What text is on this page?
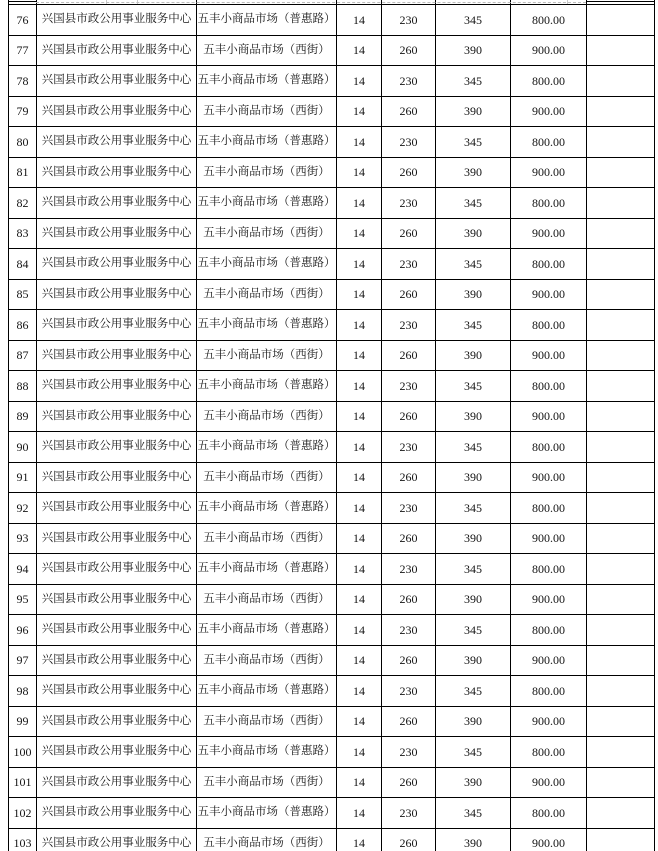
76	兴国县市政公用事业服务中心	五丰小商品市场（普惠路）	14	230	345	800.00	
77	兴国县市政公用事业服务中心	五丰小商品市场（西街）	14	260	390	900.00	
78	兴国县市政公用事业服务中心	五丰小商品市场（普惠路）	14	230	345	800.00	
79	兴国县市政公用事业服务中心	五丰小商品市场（西街）	14	260	390	900.00	
80	兴国县市政公用事业服务中心	五丰小商品市场（普惠路）	14	230	345	800.00	
81	兴国县市政公用事业服务中心	五丰小商品市场（西街）	14	260	390	900.00	
82	兴国县市政公用事业服务中心	五丰小商品市场（普惠路）	14	230	345	800.00	
83	兴国县市政公用事业服务中心	五丰小商品市场（西街）	14	260	390	900.00	
84	兴国县市政公用事业服务中心	五丰小商品市场（普惠路）	14	230	345	800.00	
85	兴国县市政公用事业服务中心	五丰小商品市场（西街）	14	260	390	900.00	
86	兴国县市政公用事业服务中心	五丰小商品市场（普惠路）	14	230	345	800.00	
87	兴国县市政公用事业服务中心	五丰小商品市场（西街）	14	260	390	900.00	
88	兴国县市政公用事业服务中心	五丰小商品市场（普惠路）	14	230	345	800.00	
89	兴国县市政公用事业服务中心	五丰小商品市场（西街）	14	260	390	900.00	
90	兴国县市政公用事业服务中心	五丰小商品市场（普惠路）	14	230	345	800.00	
91	兴国县市政公用事业服务中心	五丰小商品市场（西街）	14	260	390	900.00	
92	兴国县市政公用事业服务中心	五丰小商品市场（普惠路）	14	230	345	800.00	
93	兴国县市政公用事业服务中心	五丰小商品市场（西街）	14	260	390	900.00	
94	兴国县市政公用事业服务中心	五丰小商品市场（普惠路）	14	230	345	800.00	
95	兴国县市政公用事业服务中心	五丰小商品市场（西街）	14	260	390	900.00	
96	兴国县市政公用事业服务中心	五丰小商品市场（普惠路）	14	230	345	800.00	
97	兴国县市政公用事业服务中心	五丰小商品市场（西街）	14	260	390	900.00	
98	兴国县市政公用事业服务中心	五丰小商品市场（普惠路）	14	230	345	800.00	
99	兴国县市政公用事业服务中心	五丰小商品市场（西街）	14	260	390	900.00	
100	兴国县市政公用事业服务中心	五丰小商品市场（普惠路）	14	230	345	800.00	
101	兴国县市政公用事业服务中心	五丰小商品市场（西街）	14	260	390	900.00	
102	兴国县市政公用事业服务中心	五丰小商品市场（普惠路）	14	230	345	800.00	
103	兴国县市政公用事业服务中心	五丰小商品市场（西街）	14	260	390	900.00	
